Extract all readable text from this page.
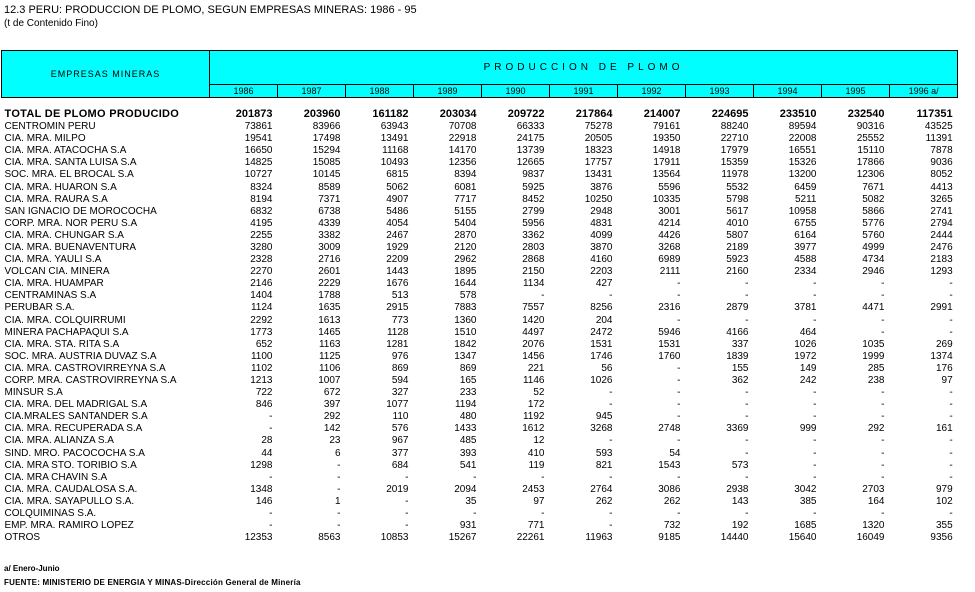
12.3 PERU: PRODUCCION DE PLOMO, SEGUN EMPRESAS MINERAS: 1986 - 95
(t de Contenido Fino)
EMPRESAS MINERAS	PRODUCCION DE PLOMO										
	1986	1987	1988	1989	1990	1991	1992	1993	1994	1995	1996 a/

TOTAL DE PLOMO PRODUCIDO	201873	203960	161182	203034	209722	217864	214007	224695	233510	232540	117351
CENTROMIN PERU	73861	83966	63943	70708	66333	75278	79161	88240	89594	90316	43525
CIA. MRA. MILPO	19541	17498	13491	22918	24175	20505	19350	22710	22008	25552	11391
CIA. MRA. ATACOCHA S.A	16650	15294	11168	14170	13739	18323	14918	17979	16551	15110	7878
CIA. MRA. SANTA LUISA S.A	14825	15085	10493	12356	12665	17757	17911	15359	15326	17866	9036
SOC. MRA. EL BROCAL S.A	10727	10145	6815	8394	9837	13431	13564	11978	13200	12306	8052
CIA. MRA. HUARON S.A	8324	8589	5062	6081	5925	3876	5596	5532	6459	7671	4413
CIA. MRA. RAURA S.A	8194	7371	4907	7717	8452	10250	10335	5798	5211	5082	3265
SAN IGNACIO DE MOROCOCHA	6832	6738	5486	5155	2799	2948	3001	5617	10958	5866	2741
CORP. MRA. NOR PERU S.A	4195	4339	4054	5404	5956	4831	4214	4010	6755	5776	2794
CIA. MRA. CHUNGAR S.A	2255	3382	2467	2870	3362	4099	4426	5807	6164	5760	2444
CIA. MRA. BUENAVENTURA	3280	3009	1929	2120	2803	3870	3268	2189	3977	4999	2476
CIA. MRA. YAULI S.A	2328	2716	2209	2962	2868	4160	6989	5923	4588	4734	2183
VOLCAN CIA. MINERA	2270	2601	1443	1895	2150	2203	2111	2160	2334	2946	1293
CIA. MRA. HUAMPAR	2146	2229	1676	1644	1134	427	-	-	-	-	-
CENTRAMINAS S.A	1404	1788	513	578	-	-	-	-	-	-	-
PERUBAR S.A.	1124	1635	2915	7883	7557	8256	2316	2879	3781	4471	2991
CIA. MRA. COLQUIRRUMI	2292	1613	773	1360	1420	204	-	-	-	-	-
MINERA PACHAPAQUI S.A	1773	1465	1128	1510	4497	2472	5946	4166	464	-	-
CIA. MRA. STA. RITA S.A	652	1163	1281	1842	2076	1531	1531	337	1026	1035	269
SOC. MRA. AUSTRIA DUVAZ S.A	1100	1125	976	1347	1456	1746	1760	1839	1972	1999	1374
CIA. MRA. CASTROVIRREYNA S.A	1102	1106	869	869	221	56	-	155	149	285	176
CORP. MRA. CASTROVIRREYNA S.A	1213	1007	594	165	1146	1026	-	362	242	238	97
MINSUR S.A	722	672	327	233	52	-	-	-	-	-	-
CIA. MRA. DEL MADRIGAL S.A	846	397	1077	1194	172	-	-	-	-	-	-
CIA.MRALES SANTANDER S.A	-	292	110	480	1192	945	-	-	-	-	-
CIA. MRA. RECUPERADA S.A	-	142	576	1433	1612	3268	2748	3369	999	292	161
CIA. MRA. ALIANZA S.A	28	23	967	485	12	-	-	-	-	-	-
SIND. MRO. PACOCOCHA S.A	44	6	377	393	410	593	54	-	-	-	-
CIA. MRA STO. TORIBIO S.A	1298	-	684	541	119	821	1543	573	-	-	-
CIA. MRA CHAVIN S.A	-	-	-	-	-	-	-	-	-	-	-
CIA. MRA. CAUDALOSA S.A.	1348	-	2019	2094	2453	2764	3086	2938	3042	2703	979
CIA. MRA. SAYAPULLO S.A.	146	1	-	35	97	262	262	143	385	164	102
COLQUIMINAS S.A.	-	-	-	-	-	-	-	-	-	-	-
EMP. MRA. RAMIRO LOPEZ	-	-	-	931	771	-	732	192	1685	1320	355
OTROS	12353	8563	10853	15267	22261	11963	9185	14440	15640	16049	9356
a/ Enero-Junio
FUENTE: MINISTERIO DE ENERGIA Y MINAS-Dirección General de Minería
